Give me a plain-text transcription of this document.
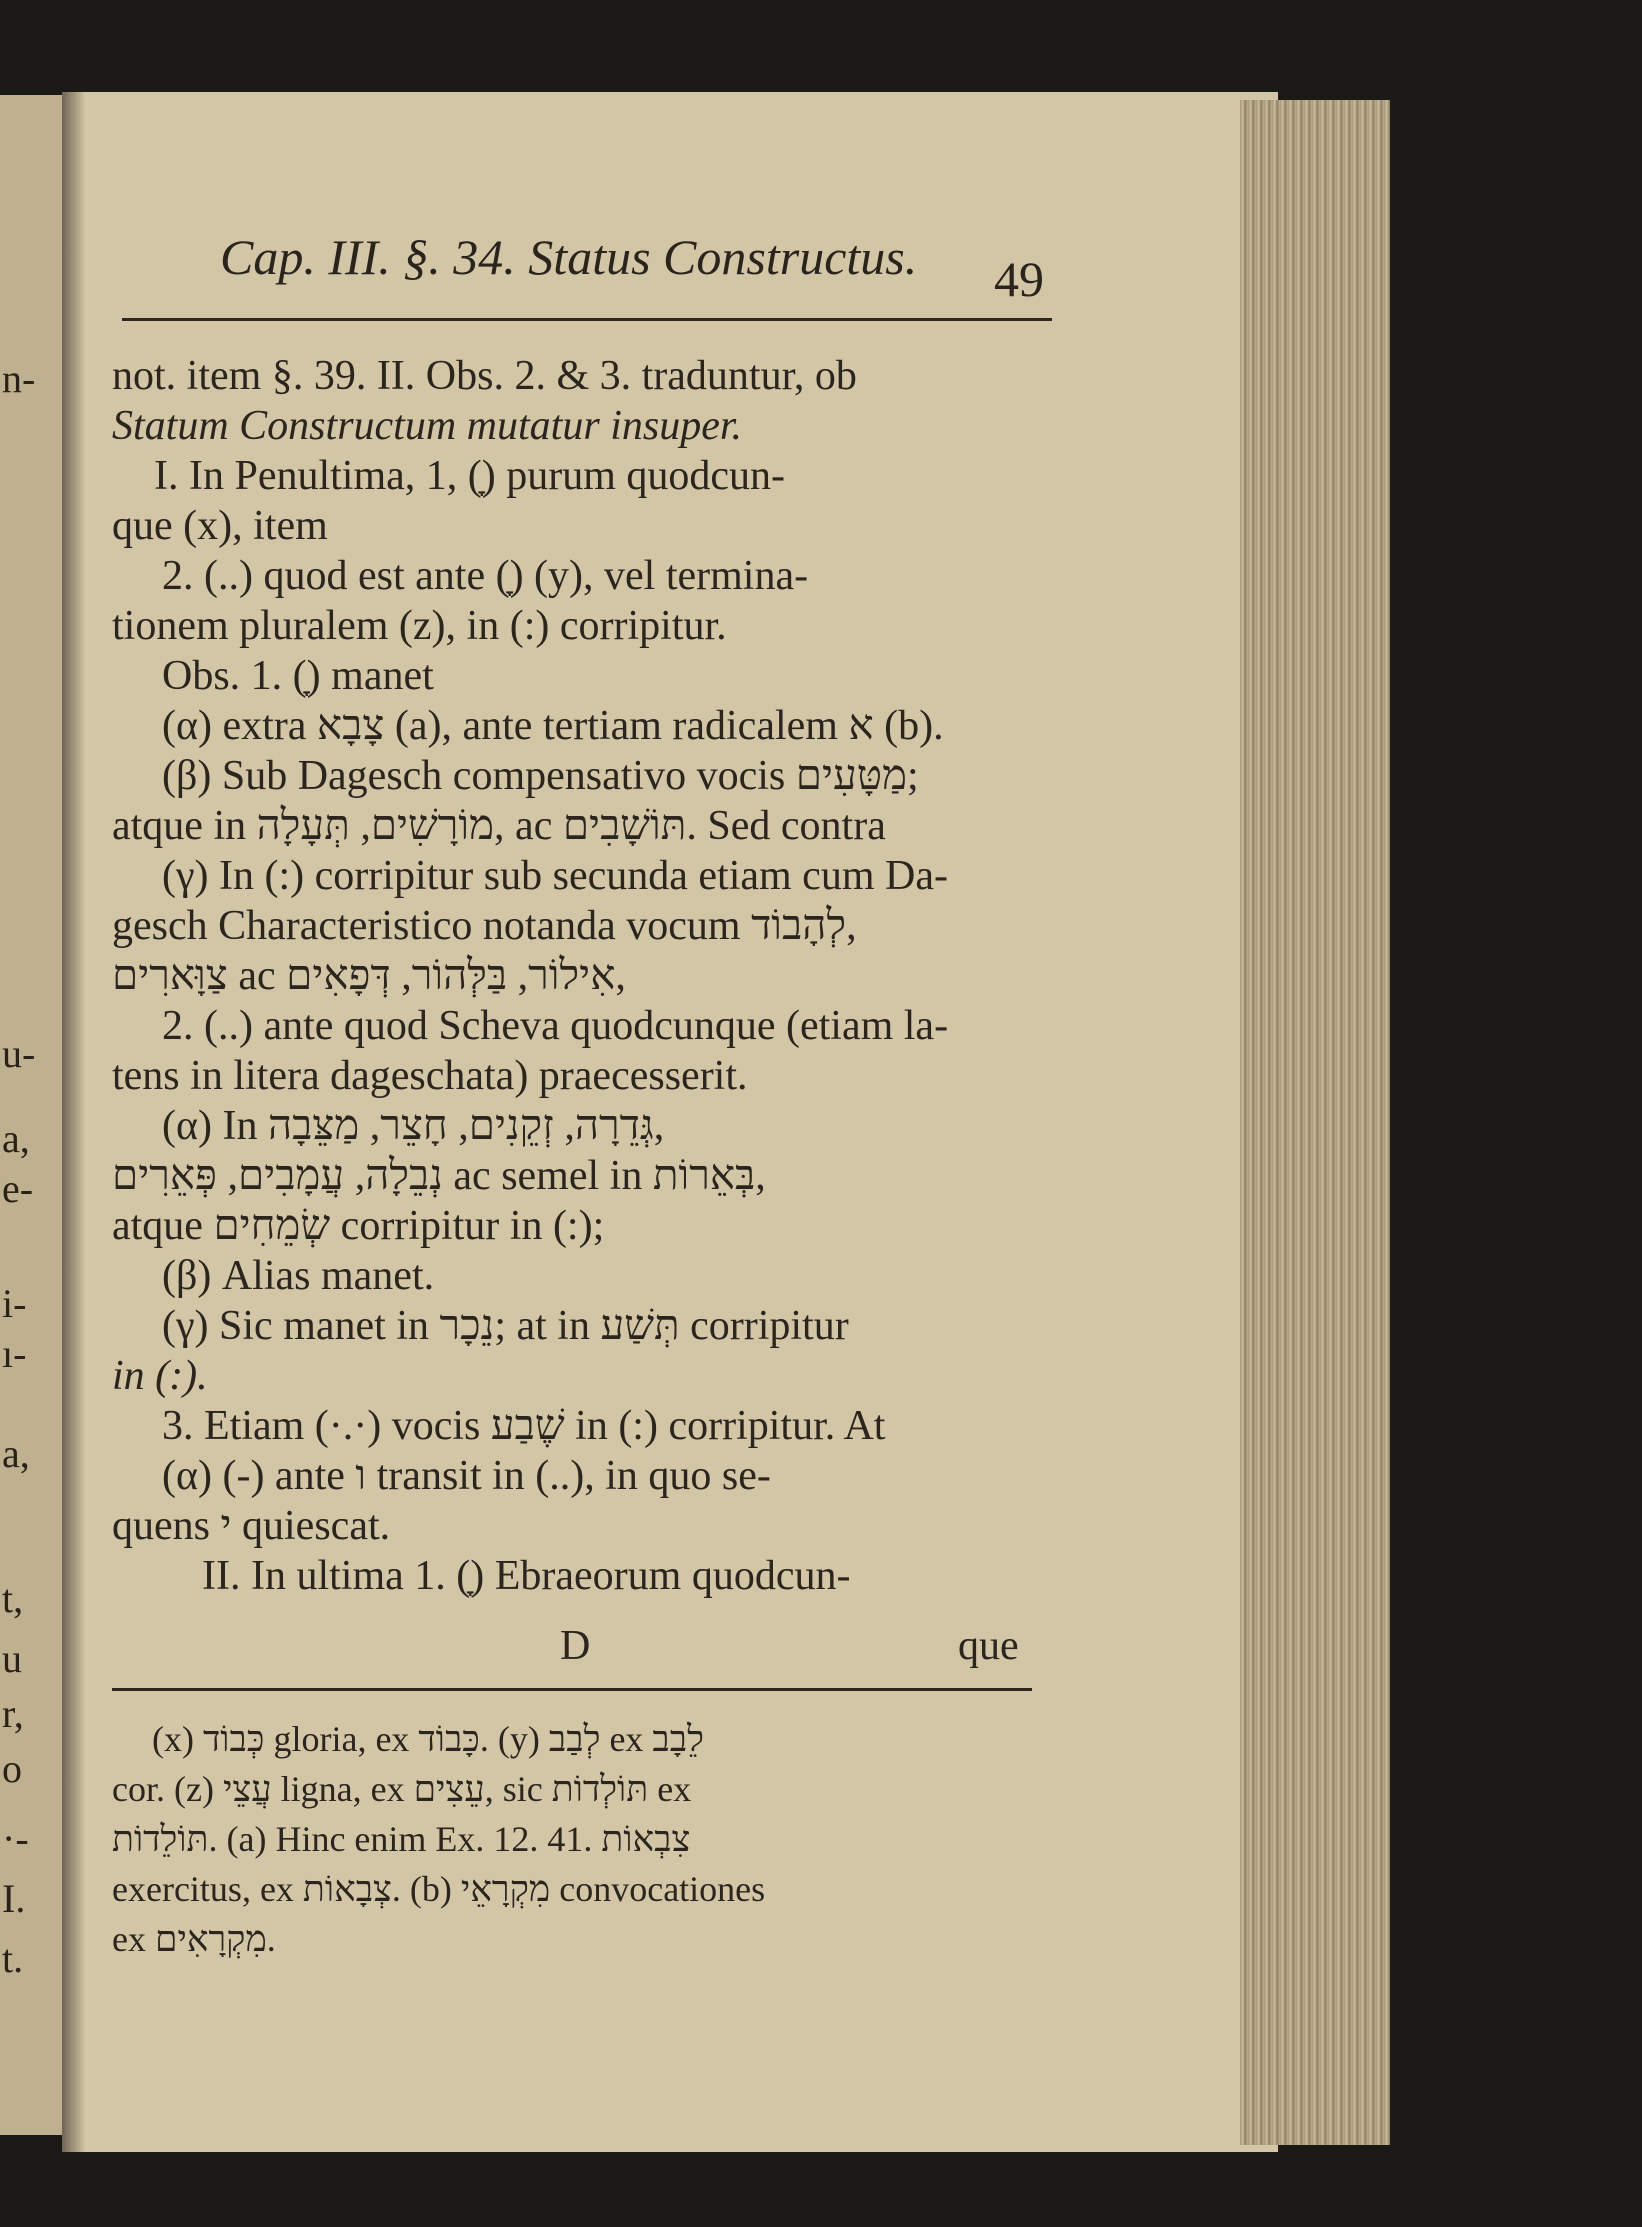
n-
u-
a,
e-
i-
ı-
a,
t,
u
r,
o
·-
I.
t.
Cap. III. §. 34. Status Constructus. 49
not. item §. 39. II. Obs. 2. & 3. traduntur, ob
Statum Constructum mutatur insuper.
I. In Penultima, 1, (ָ) purum quodcun-
que (x), item
2. (..) quod est ante (ָ) (y), vel termina-
tionem pluralem (z), in (:) corripitur.
Obs. 1. (ָ) manet
(α) extra צָבָא (a), ante tertiam radicalem א (b).
(β) Sub Dagesch compensativo vocis מַטָּעִים;
atque in מוֹרָשִׁים, תְּעָלָה, ac תּוֹשָׁבִים. Sed contra
(γ) In (:) corripitur sub secunda etiam cum Da-
gesch Characteristico notanda vocum לְהָבוֹד,
צַוָּארִים ac אִילוֹר, בַּלְּהוֹר, דְּפָאִים,
2. (..) ante quod Scheva quodcunque (etiam la-
tens in litera dageschata) praecesserit.
(α) In גְּדֵרָה, זְקֵנִים, חָצֵר, מַצֵּבָה,
נְבֵלָה, עֲמָבִים, פְּאֵרִים ac semel in בְּאֵרוֹת,
atque שְׂמֵחִים corripitur in (:);
(β) Alias manet.
(γ) Sic manet in נֵכָר; at in תְּשַׁע corripitur
in (:).
3. Etiam (·.·) vocis שֶׁבַע in (:) corripitur. At
(α) (-) ante ו transit in (..), in quo se-
quens י quiescat.
II. In ultima 1. (ָ) Ebraeorum quodcun-
D	que
(x) כְּבוֹד gloria, ex כָּבוֹד. (y) לְבַב ex לֵבָב
cor. (z) עֲצֵי ligna, ex עֵצִים, sic תּוֹלְדוֹת ex
תּוֹלֵדוֹת. (a) Hinc enim Ex. 12. 41. צִבְאוֹת
exercitus, ex צְבָאוֹת. (b) מִקְרָאֵי convocationes
ex מִקְרָאִים.
